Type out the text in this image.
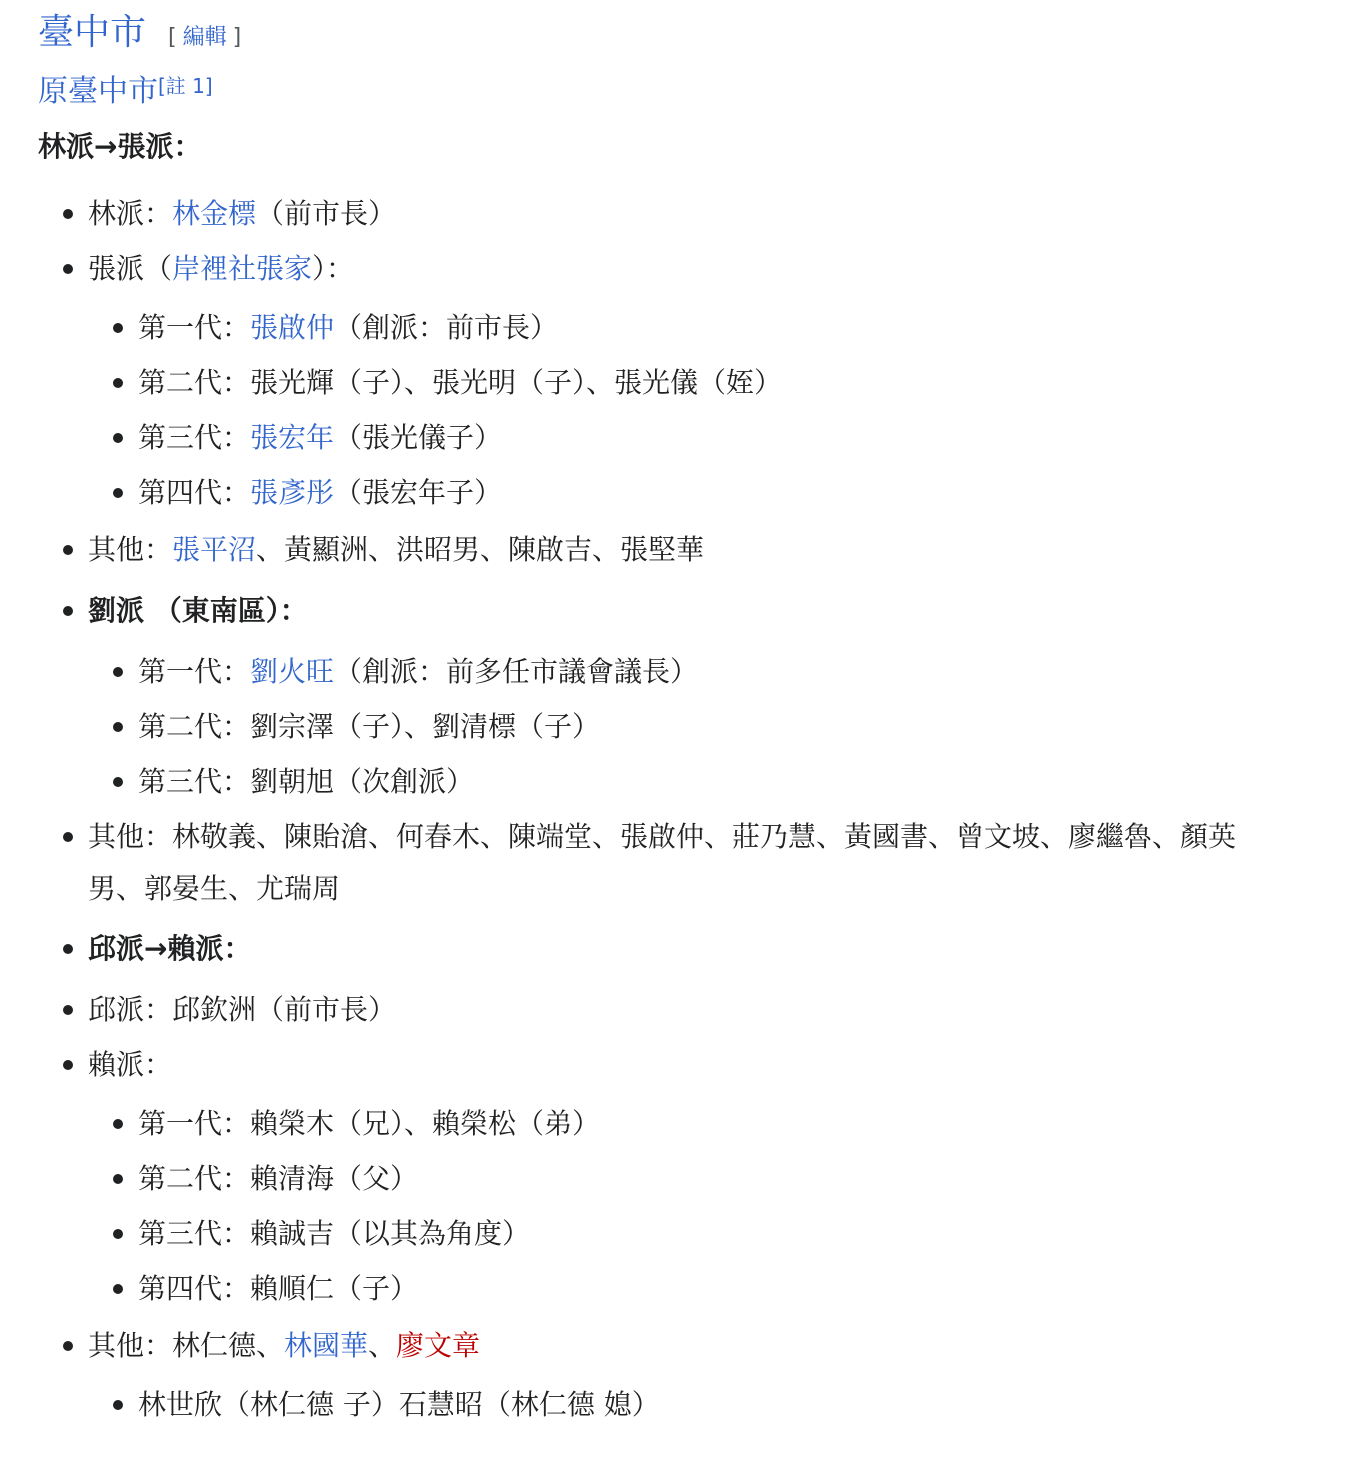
臺中市 [ 編輯 ]
原臺中市[註 1]

林派→張派：

林派：林金標（前市長）
張派（岸裡社張家）：
第一代：張啟仲（創派：前市長）
第二代：張光輝（子）、張光明（子）、張光儀（姪）
第三代：張宏年（張光儀子）
第四代：張彥彤（張宏年子）
其他：張平沼、黃顯洲、洪昭男、陳啟吉、張堅華
劉派 （東南區）：
第一代：劉火旺（創派：前多任市議會議長）
第二代：劉宗澤（子）、劉清標（子）
第三代：劉朝旭（次創派）
其他：林敬義、陳貽滄、何春木、陳端堂、張啟仲、莊乃慧、黃國書、曾文坡、廖繼魯、顏英男、郭晏生、尤瑞周
邱派→賴派：
邱派：邱欽洲（前市長）
賴派：
第一代：賴榮木（兄）、賴榮松（弟）
第二代：賴清海（父）
第三代：賴誠吉（以其為角度）
第四代：賴順仁（子）
其他：林仁德、林國華、廖文章
林世欣（林仁德 子）石慧昭（林仁德 媳）
